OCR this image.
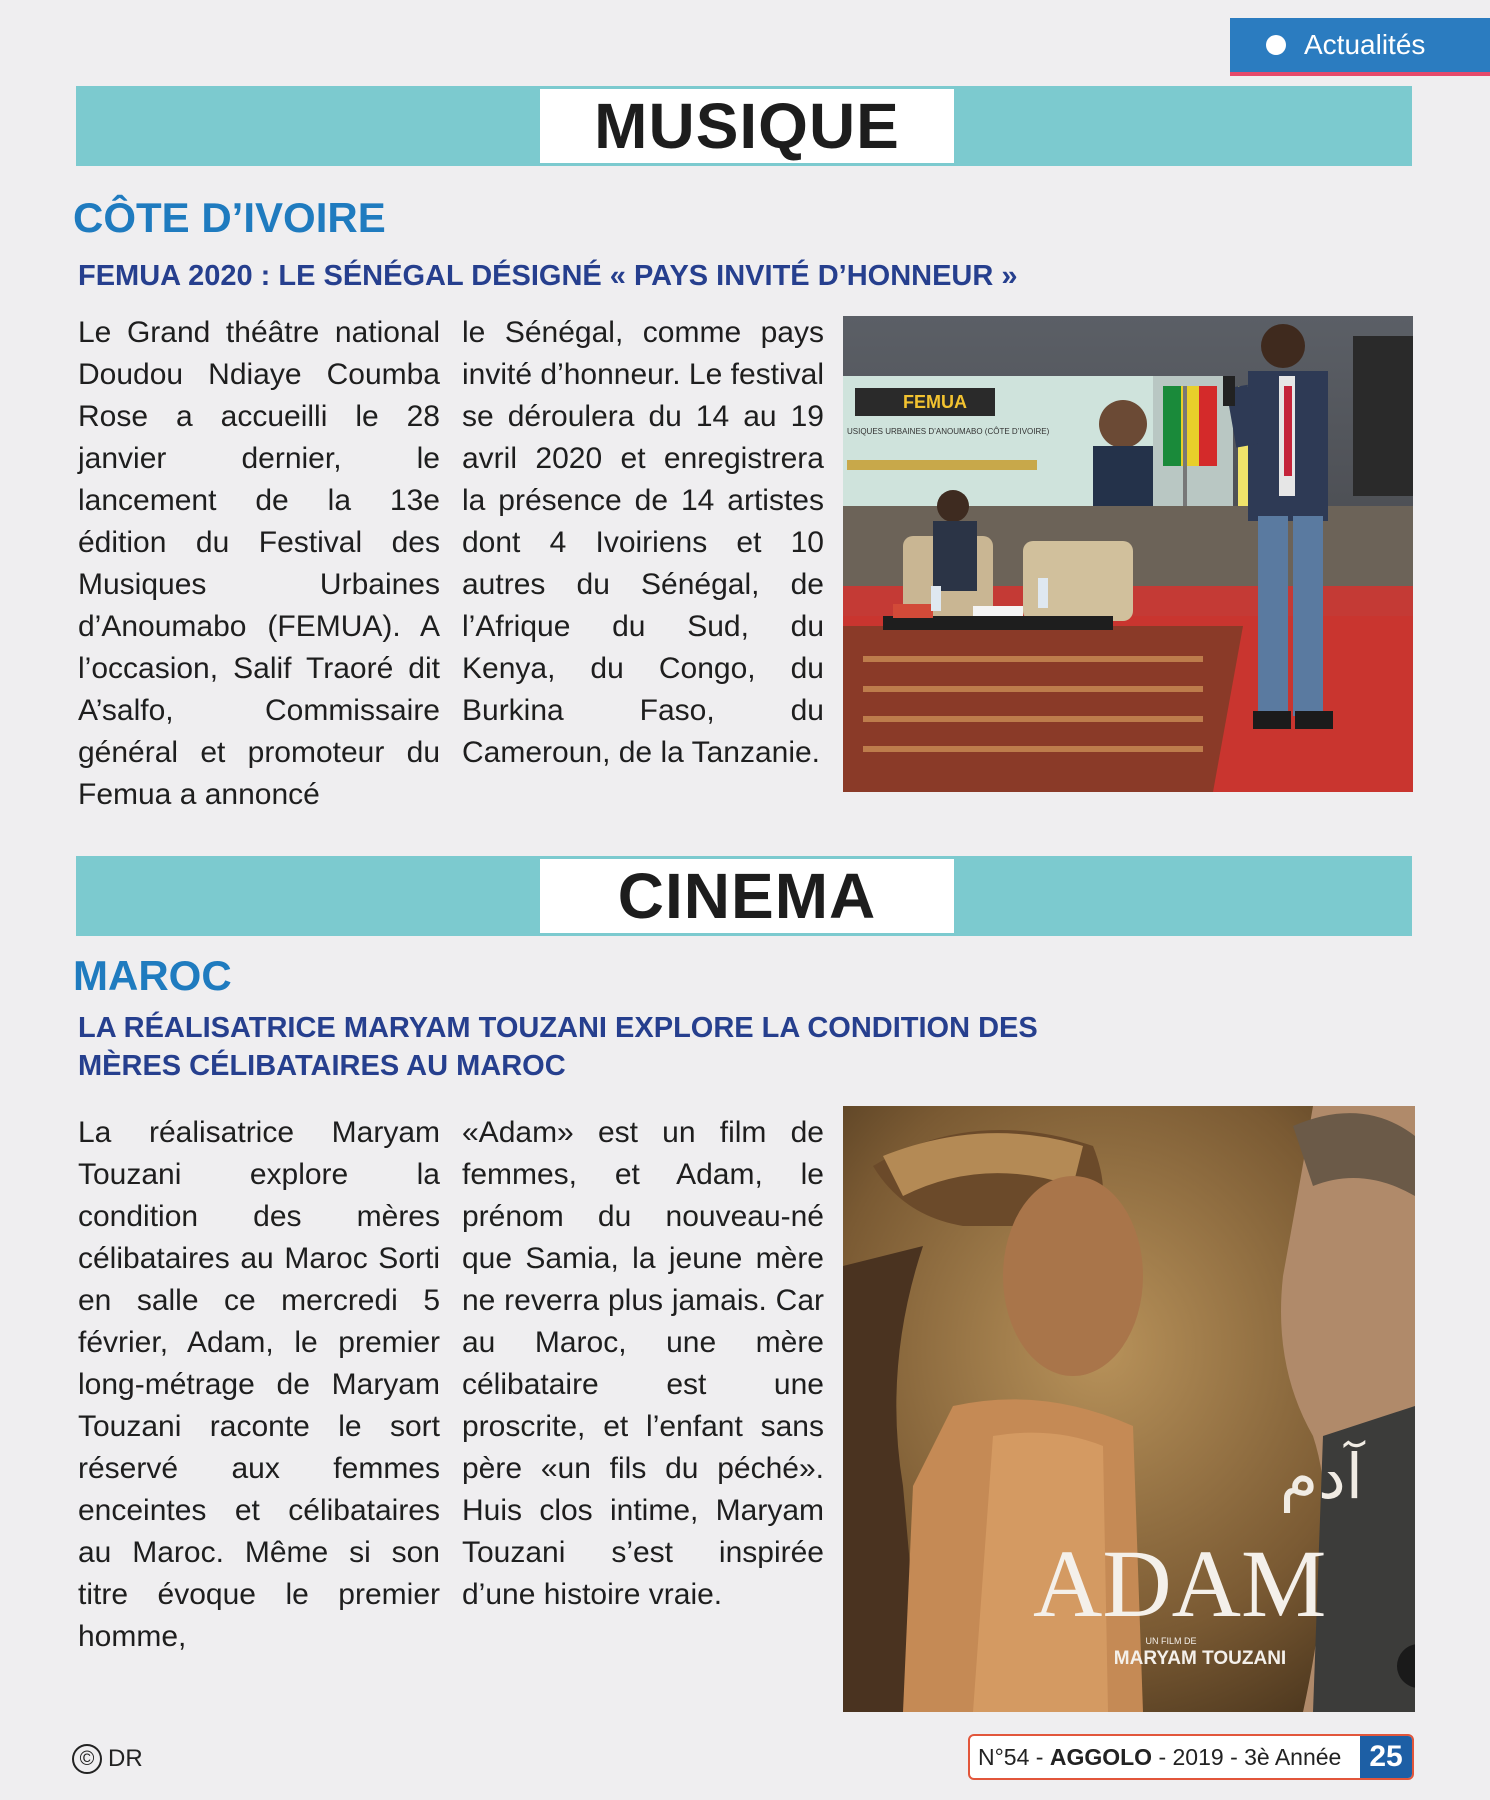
Actualités
MUSIQUE
CÔTE D’IVOIRE
FEMUA 2020 : LE SÉNÉGAL DÉSIGNÉ « PAYS INVITÉ D’HONNEUR »
Le Grand théâtre national Doudou Ndiaye Coumba Rose a accueilli le 28 janvier dernier, le lancement de la 13e édition du Festival des Musiques Urbaines d’Anoumabo (FEMUA). A l’occasion, Salif Traoré dit A’salfo, Commissaire général et promoteur du Femua a annoncé
le Sénégal, comme pays invité d’honneur. Le festival se déroulera du 14 au 19 avril 2020 et enregistrera la présence de 14 artistes dont 4 Ivoiriens et 10 autres du Sénégal, de l’Afrique du Sud, du Kenya, du Congo, du Burkina Faso, du Cameroun, de la Tanzanie.
FEMUA
USIQUES URBAINES D’ANOUMABO (CÔTE D’IVOIRE)
CINEMA
MAROC
LA RÉALISATRICE MARYAM TOUZANI EXPLORE LA CONDITION DES
MÈRES CÉLIBATAIRES AU MAROC
La réalisatrice Maryam Touzani explore la condition des mères célibataires au Maroc Sorti en salle ce mercredi 5 février, Adam, le premier long-métrage de Maryam Touzani raconte le sort réservé aux femmes enceintes et célibataires au Maroc. Même si son titre évoque le premier homme,
«Adam» est un film de femmes, et Adam, le prénom du nouveau-né que Samia, la jeune mère ne reverra plus jamais. Car au Maroc, une mère célibataire est une proscrite, et l’enfant sans père «un fils du péché». Huis clos intime, Maryam Touzani s’est inspirée d’une histoire vraie.
آدم
ADAM
UN FILM DE
MARYAM TOUZANI
© DR	N°54 - AGGOLO - 2019 - 3è Année 25
